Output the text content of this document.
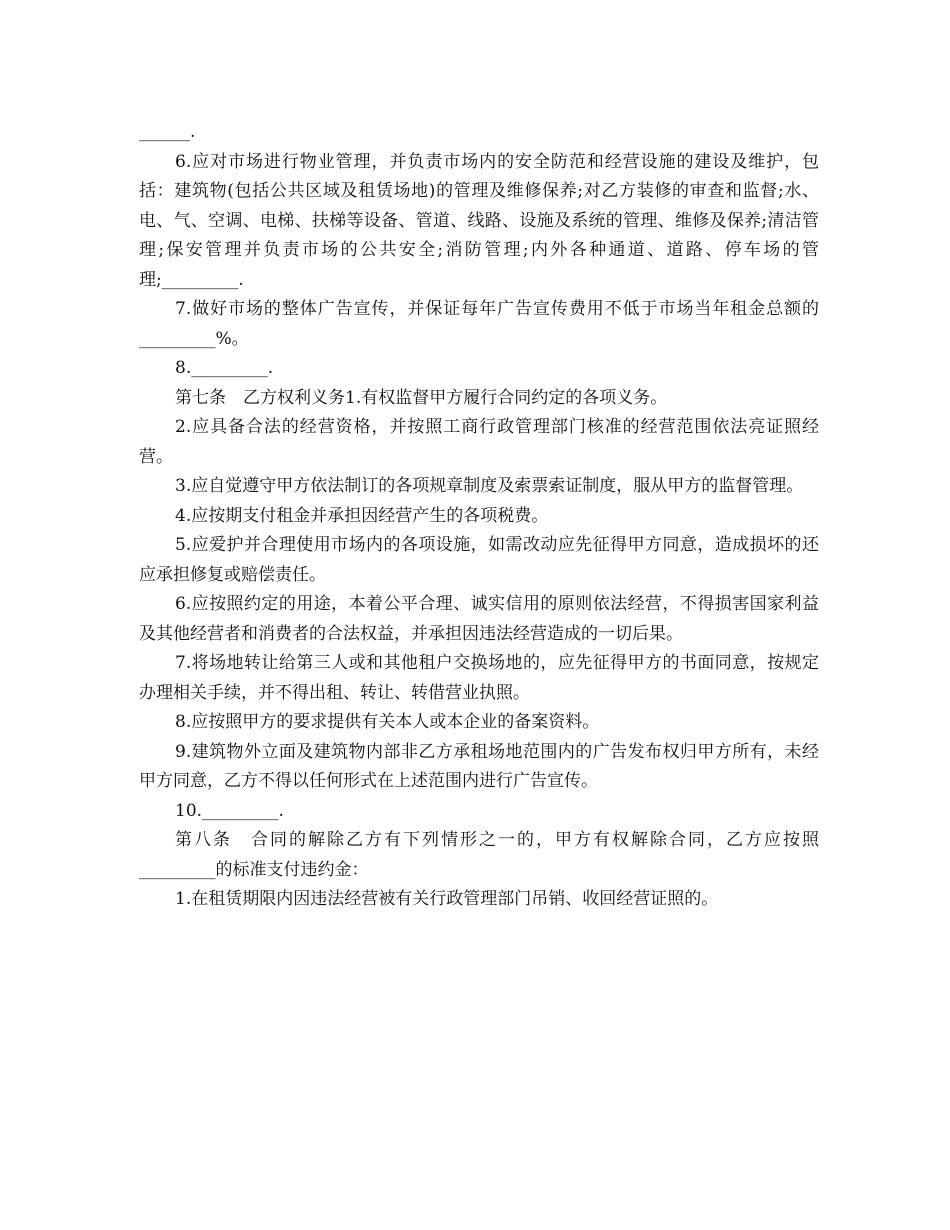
______.

6.应对市场进行物业管理，并负责市场内的安全防范和经营设施的建设及维护，包括：建筑物(包括公共区域及租赁场地)的管理及维修保养;对乙方装修的审查和监督;水、电、气、空调、电梯、扶梯等设备、管道、线路、设施及系统的管理、维修及保养;清洁管理;保安管理并负责市场的公共安全;消防管理;内外各种通道、道路、停车场的管理;_________.

7.做好市场的整体广告宣传，并保证每年广告宣传费用不低于市场当年租金总额的_________%。

8._________.

第七条　乙方权利义务1.有权监督甲方履行合同约定的各项义务。

2.应具备合法的经营资格，并按照工商行政管理部门核准的经营范围依法亮证照经营。

3.应自觉遵守甲方依法制订的各项规章制度及索票索证制度，服从甲方的监督管理。

4.应按期支付租金并承担因经营产生的各项税费。

5.应爱护并合理使用市场内的各项设施，如需改动应先征得甲方同意，造成损坏的还应承担修复或赔偿责任。

6.应按照约定的用途，本着公平合理、诚实信用的原则依法经营，不得损害国家利益及其他经营者和消费者的合法权益，并承担因违法经营造成的一切后果。

7.将场地转让给第三人或和其他租户交换场地的，应先征得甲方的书面同意，按规定办理相关手续，并不得出租、转让、转借营业执照。

8.应按照甲方的要求提供有关本人或本企业的备案资料。

9.建筑物外立面及建筑物内部非乙方承租场地范围内的广告发布权归甲方所有，未经甲方同意，乙方不得以任何形式在上述范围内进行广告宣传。

10._________.

第八条　合同的解除乙方有下列情形之一的，甲方有权解除合同，乙方应按照_________的标准支付违约金：

1.在租赁期限内因违法经营被有关行政管理部门吊销、收回经营证照的。
